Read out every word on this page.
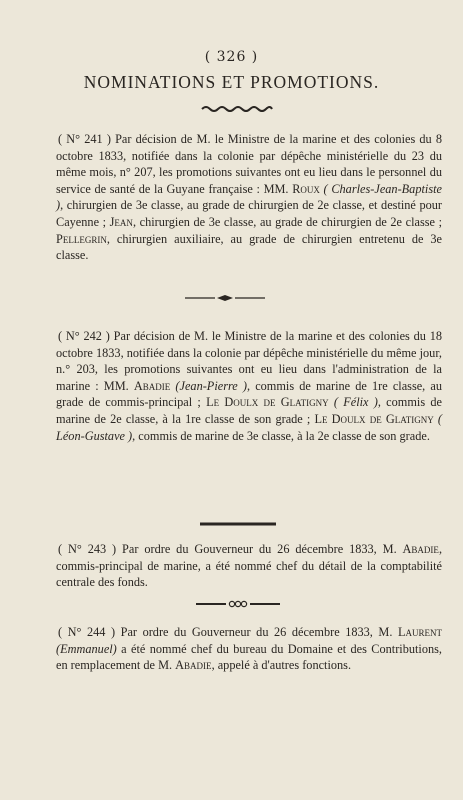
( 326 )
NOMINATIONS ET PROMOTIONS.
( N° 241 ) Par décision de M. le Ministre de la marine et des colonies du 8 octobre 1833, notifiée dans la colonie par dépêche ministérielle du 23 du même mois, n° 207, les promotions suivantes ont eu lieu dans le personnel du service de santé de la Guyane française : MM. Roux ( Charles-Jean-Baptiste ), chirurgien de 3e classe, au grade de chirurgien de 2e classe, et destiné pour Cayenne ; Jean, chirurgien de 3e classe, au grade de chirurgien de 2e classe ; Pellegrin, chirurgien auxiliaire, au grade de chirurgien entretenu de 3e classe.
( N° 242 ) Par décision de M. le Ministre de la marine et des colonies du 18 octobre 1833, notifiée dans la colonie par dépêche ministérielle du même jour, n.° 203, les promotions suivantes ont eu lieu dans l'administration de la marine : MM. Abadie (Jean-Pierre ), commis de marine de 1re classe, au grade de commis-principal ; Le Doulx de Glatigny ( Félix ), commis de marine de 2e classe, à la 1re classe de son grade ; Le Doulx de Glatigny ( Léon-Gustave ), commis de marine de 3e classe, à la 2e classe de son grade.
( N° 243 ) Par ordre du Gouverneur du 26 décembre 1833, M. Abadie, commis-principal de marine, a été nommé chef du détail de la comptabilité centrale des fonds.
( N° 244 ) Par ordre du Gouverneur du 26 décembre 1833, M. Laurent (Emmanuel) a été nommé chef du bureau du Domaine et des Contributions, en remplacement de M. Abadie, appelé à d'autres fonctions.
